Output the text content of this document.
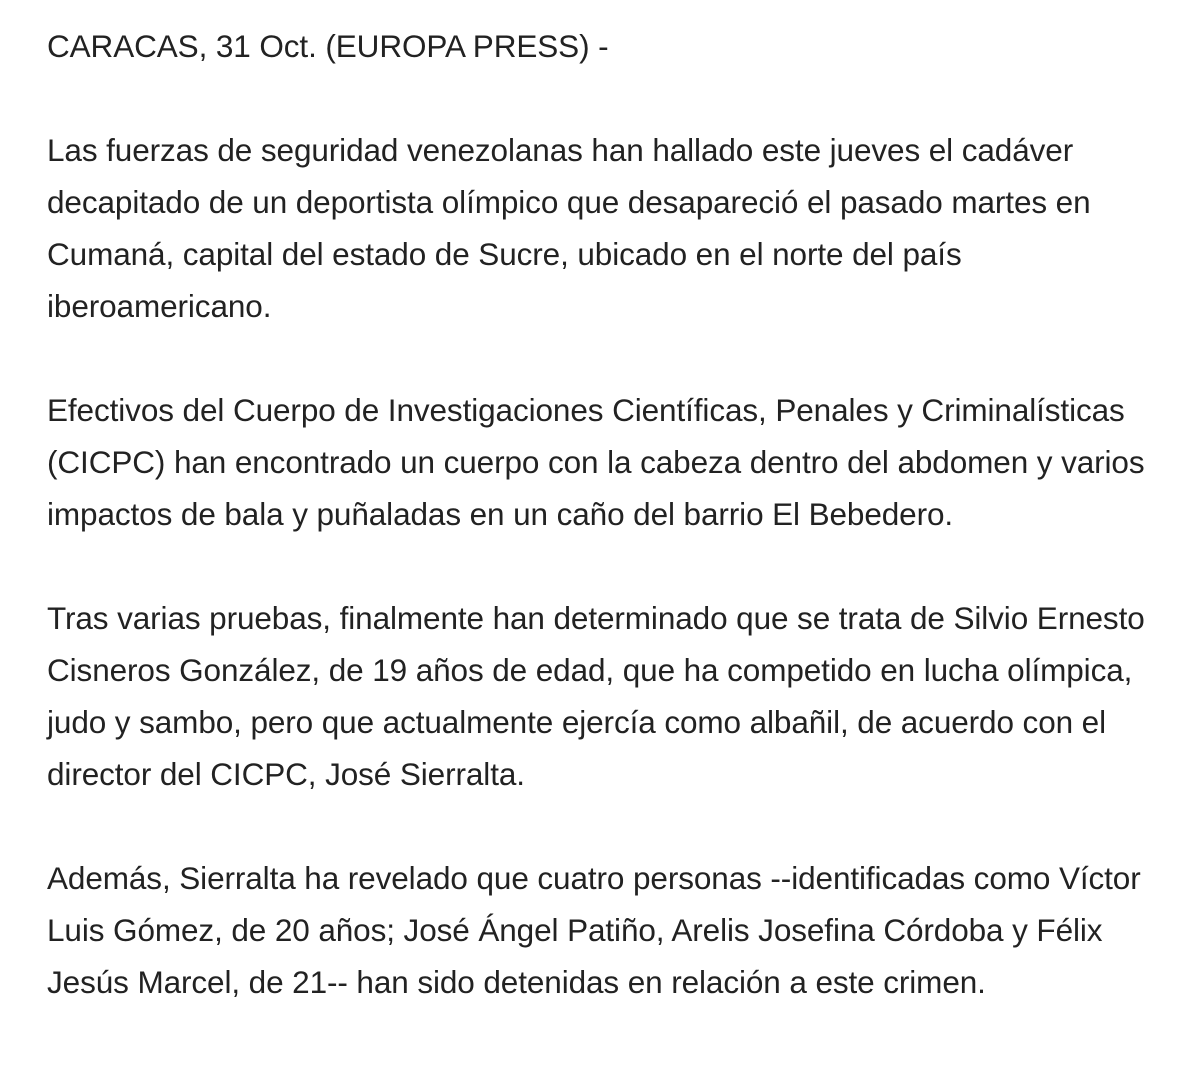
CARACAS, 31 Oct. (EUROPA PRESS) -

Las fuerzas de seguridad venezolanas han hallado este jueves el cadáver decapitado de un deportista olímpico que desapareció el pasado martes en Cumaná, capital del estado de Sucre, ubicado en el norte del país iberoamericano.

Efectivos del Cuerpo de Investigaciones Científicas, Penales y Criminalísticas (CICPC) han encontrado un cuerpo con la cabeza dentro del abdomen y varios impactos de bala y puñaladas en un caño del barrio El Bebedero.

Tras varias pruebas, finalmente han determinado que se trata de Silvio Ernesto Cisneros González, de 19 años de edad, que ha competido en lucha olímpica, judo y sambo, pero que actualmente ejercía como albañil, de acuerdo con el director del CICPC, José Sierralta.

Además, Sierralta ha revelado que cuatro personas --identificadas como Víctor Luis Gómez, de 20 años; José Ángel Patiño, Arelis Josefina Córdoba y Félix Jesús Marcel, de 21-- han sido detenidas en relación a este crimen.
